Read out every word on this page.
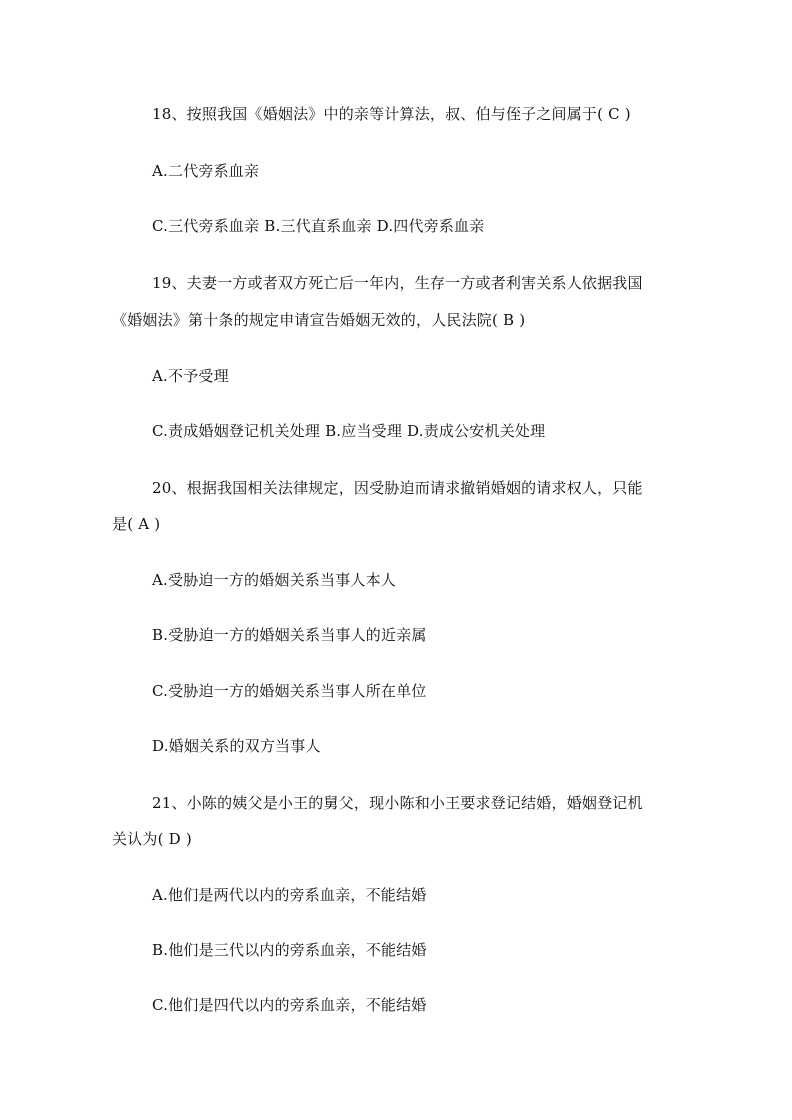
18、按照我国《婚姻法》中的亲等计算法，叔、伯与侄子之间属于( C )
A.二代旁系血亲
C.三代旁系血亲 B.三代直系血亲 D.四代旁系血亲
19、夫妻一方或者双方死亡后一年内，生存一方或者利害关系人依据我国
《婚姻法》第十条的规定申请宣告婚姻无效的，人民法院( B )
A.不予受理
C.责成婚姻登记机关处理 B.应当受理 D.责成公安机关处理
20、根据我国相关法律规定，因受胁迫而请求撤销婚姻的请求权人，只能
是( A )
A.受胁迫一方的婚姻关系当事人本人
B.受胁迫一方的婚姻关系当事人的近亲属
C.受胁迫一方的婚姻关系当事人所在单位
D.婚姻关系的双方当事人
21、小陈的姨父是小王的舅父，现小陈和小王要求登记结婚，婚姻登记机
关认为( D )
A.他们是两代以内的旁系血亲，不能结婚
B.他们是三代以内的旁系血亲，不能结婚
C.他们是四代以内的旁系血亲，不能结婚
